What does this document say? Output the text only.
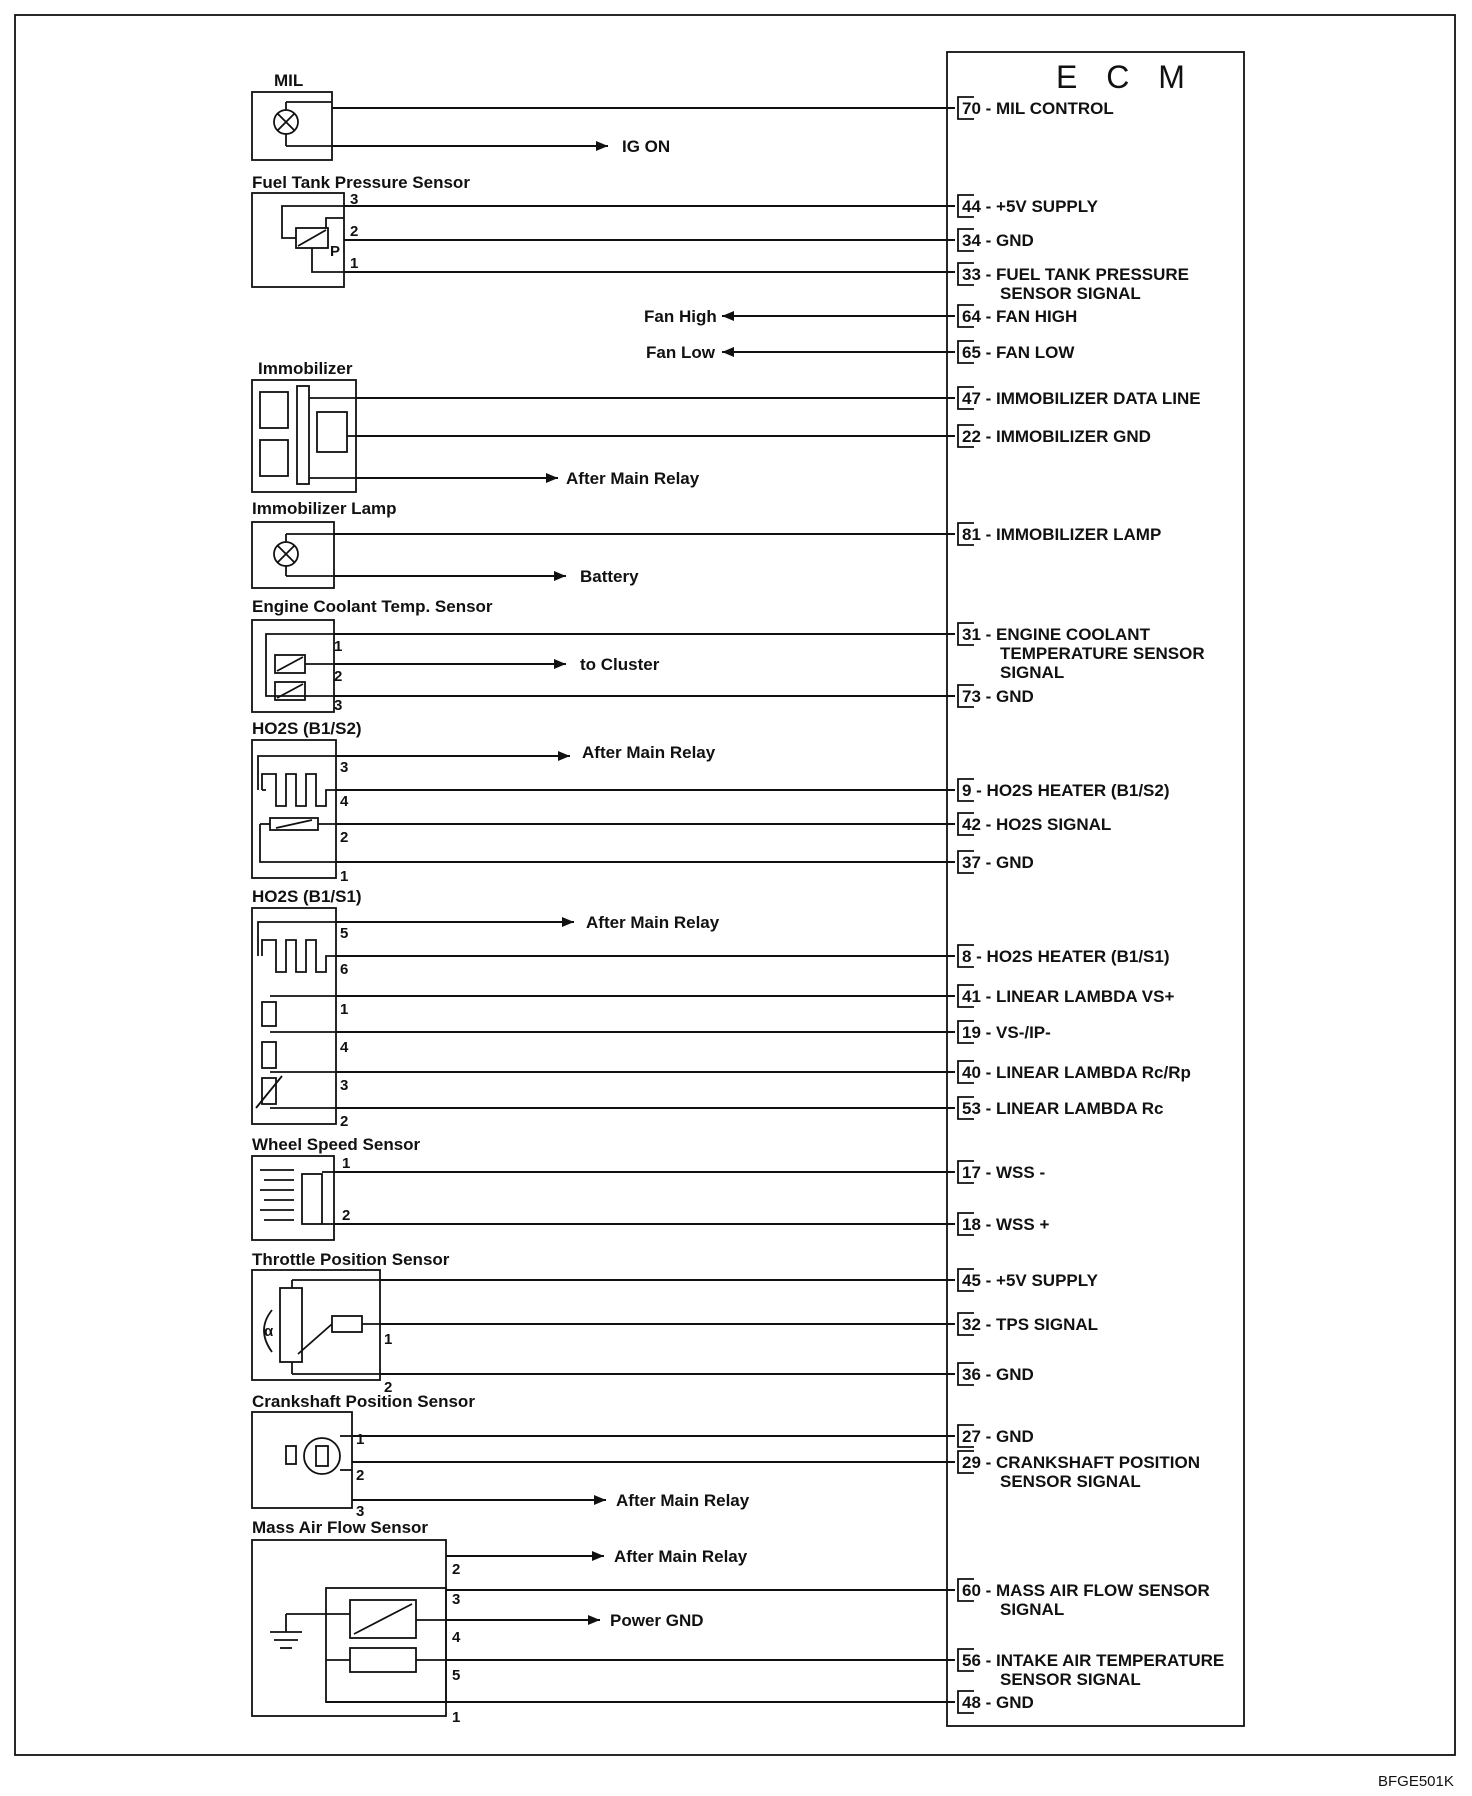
E C M
MIL
Fuel Tank Pressure Sensor
Immobilizer
Immobilizer Lamp
Engine Coolant Temp. Sensor
HO2S (B1/S2)
HO2S (B1/S1)
Wheel Speed Sensor
Throttle Position Sensor
Crankshaft Position Sensor
Mass Air Flow Sensor
P
α
3
2
1
1
2
3
3
4
2
1
5
6
1
4
3
2
1
2
1
2
1
2
3
2
3
4
5
1
IG ON
Fan High
Fan Low
After Main Relay
Battery
to Cluster
After Main Relay
After Main Relay
After Main Relay
After Main Relay
Power GND
70 - MIL CONTROL
44 - +5V SUPPLY
34 - GND
33 - FUEL TANK PRESSURE
SENSOR SIGNAL
64 - FAN HIGH
65 - FAN LOW
47 - IMMOBILIZER DATA LINE
22 - IMMOBILIZER GND
81 - IMMOBILIZER LAMP
31 - ENGINE COOLANT
TEMPERATURE SENSOR
SIGNAL
73 - GND
9 - HO2S HEATER (B1/S2)
42 - HO2S SIGNAL
37 - GND
8 - HO2S HEATER (B1/S1)
41 - LINEAR LAMBDA VS+
19 - VS-/IP-
40 - LINEAR LAMBDA Rc/Rp
53 - LINEAR LAMBDA Rc
17 - WSS -
18 - WSS +
45 - +5V SUPPLY
32 - TPS SIGNAL
36 - GND
27 - GND
29 - CRANKSHAFT POSITION
SENSOR SIGNAL
60 - MASS AIR FLOW SENSOR
SIGNAL
56 - INTAKE AIR TEMPERATURE
SENSOR SIGNAL
48 - GND
BFGE501K
